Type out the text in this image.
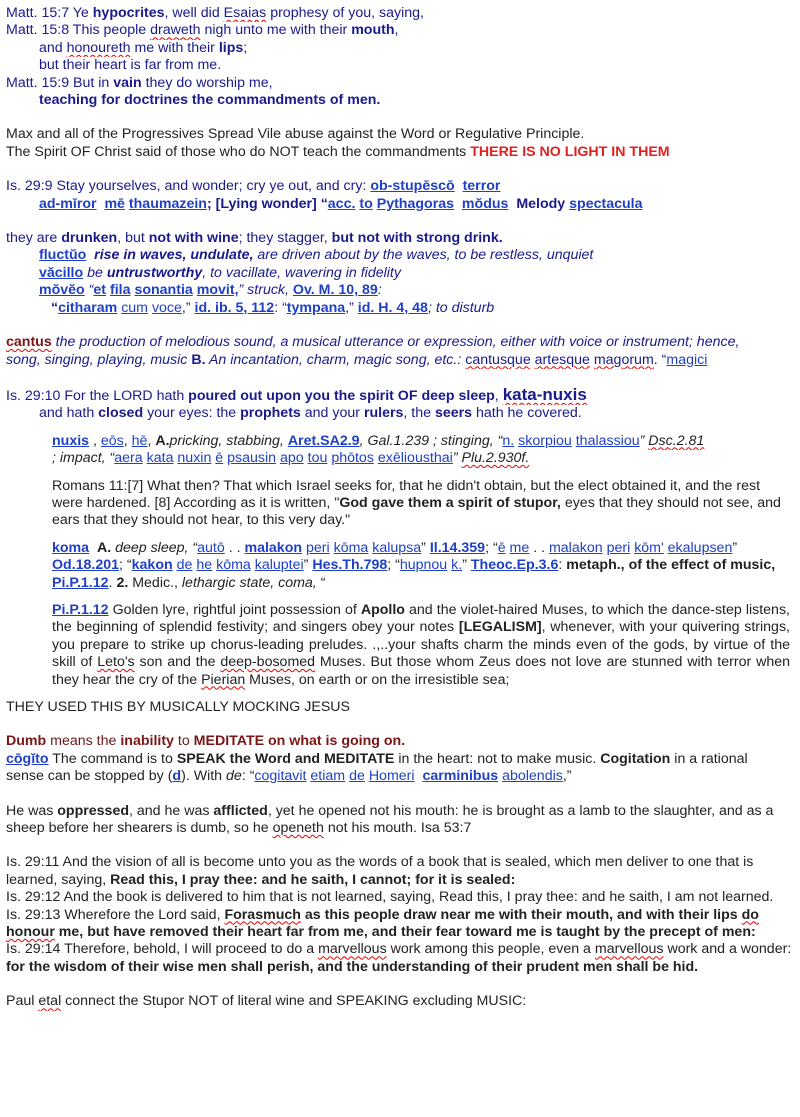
Matt. 15:7 Ye hypocrites, well did Esaias prophesy of you, saying,
Matt. 15:8 This people draweth nigh unto me with their mouth,
and honoureth me with their lips;
but their heart is far from me.
Matt. 15:9 But in vain they do worship me,
teaching for doctrines the commandments of men.
Max and all of the Progressives Spread Vile abuse against the Word or Regulative Principle.
The Spirit OF Christ said of those who do NOT teach the commandments THERE IS NO LIGHT IN THEM
Is. 29:9 Stay yourselves, and wonder; cry ye out, and cry: ob-stupēscō terror
ad-mīror mē thaumazein; [Lying wonder] “acc. to Pythagoras mŏdus Melody spectacula
they are drunken, but not with wine; they stagger, but not with strong drink.
fluctŭo rise in waves, undulate, are driven about by the waves, to be restless, unquiet
văcillo be untrustworthy, to vacillate, wavering in fidelity
mŏvĕo “et fila sonantia movit,” struck, Ov. M. 10, 89:
“citharam cum voce,” id. ib. 5, 112: “tympana,” id. H. 4, 48; to disturb
cantus the production of melodious sound, a musical utterance or expression, either with voice or instrument; hence,
song, singing, playing, music B. An incantation, charm, magic song, etc.: cantusque artesque magorum. “magici
Is. 29:10 For the LORD hath poured out upon you the spirit OF deep sleep, kata-nuxis
and hath closed your eyes: the prophets and your rulers, the seers hath he covered.
nuxis , eōs, hē, A.pricking, stabbing, Aret.SA2.9, Gal.1.239 ; stinging, “n. skorpiou thalassiou” Dsc.2.81
; impact, “aera kata nuxin ē psausin apo tou phōtos exēliousthai” Plu.2.930f.
Romans 11:[7] What then? That which Israel seeks for, that he didn't obtain, but the elect obtained it, and the rest were hardened. [8] According as it is written, "God gave them a spirit of stupor, eyes that they should not see, and ears that they should not hear, to this very day."
koma A. deep sleep, “autō . . malakon peri kōma kalupsa” Il.14.359; “ē me . . malakon peri kōm' ekalupsen” Od.18.201; “kakon de he kōma kaluptei” Hes.Th.798; “hupnou k.” Theoc.Ep.3.6: metaph., of the effect of music, Pi.P.1.12. 2. Medic., lethargic state, coma, “
Pi.P.1.12 Golden lyre, rightful joint possession of Apollo and the violet-haired Muses, to which the dance-step listens, the beginning of splendid festivity; and singers obey your notes [LEGALISM], whenever, with your quivering strings, you prepare to strike up chorus-leading preludes. .,..your shafts charm the minds even of the gods, by virtue of the skill of Leto's son and the deep-bosomed Muses. But those whom Zeus does not love are stunned with terror when they hear the cry of the Pierian Muses, on earth or on the irresistible sea;
THEY USED THIS BY MUSICALLY MOCKING JESUS
Dumb means the inability to MEDITATE on what is going on.
cōgĭto The command is to SPEAK the Word and MEDITATE in the heart: not to make music. Cogitation in a rational
sense can be stopped by (d). With de: “cogitavit etiam de Homeri carminibus abolendis,”
He was oppressed, and he was afflicted, yet he opened not his mouth: he is brought as a lamb to the slaughter, and as a sheep before her shearers is dumb, so he openeth not his mouth. Isa 53:7
Is. 29:11 And the vision of all is become unto you as the words of a book that is sealed, which men deliver to one that is learned, saying, Read this, I pray thee: and he saith, I cannot; for it is sealed:
Is. 29:12 And the book is delivered to him that is not learned, saying, Read this, I pray thee: and he saith, I am not learned.
Is. 29:13 Wherefore the Lord said, Forasmuch as this people draw near me with their mouth, and with their lips do honour me, but have removed their heart far from me, and their fear toward me is taught by the precept of men:
Is. 29:14 Therefore, behold, I will proceed to do a marvellous work among this people, even a marvellous work and a wonder: for the wisdom of their wise men shall perish, and the understanding of their prudent men shall be hid.
Paul etal connect the Stupor NOT of literal wine and SPEAKING excluding MUSIC:
